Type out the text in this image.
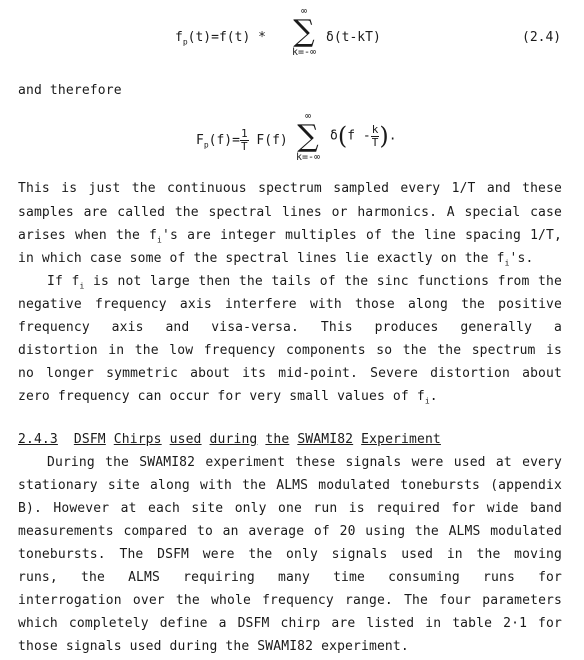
$f_p(t)=f(t)$ *
∞
∑
k=-∞
δ(t-kT)	(2.4)
and therefore
$F_p(f)= \frac{1}{T} F(f)$
∞
∑
k=-∞
$\delta(f - \frac{k}{T}$ ).
This is just the continuous spectrum sampled every 1/T and these
samples are called the spectral lines or harmonics. A special case
arises when the $f_i's$ are integer multiples of the line spacing 1/T,
in which case some of the spectral lines lie exactly on the $f_i's$.
If $f_i$ is not large then the tails of the sinc functions from the
negative frequency axis interfere with those along the positive
frequency axis and visa-versa. This produces generally a
distortion in the low frequency components so the the spectrum is
no longer symmetric about its mid-point. Severe distortion about
zero frequency can occur for very small values of $f_i$.
2.4.3 DSFM Chirps used during the SWAMI82 Experiment
During the SWAMI82 experiment these signals were used at every
stationary site along with the ALMS modulated tonebursts (appendix
B). However at each site only one run is required for wide band
measurements compared to an average of 20 using the ALMS modulated
tonebursts. The DSFM were the only signals used in the moving
runs, the ALMS requiring many time consuming runs for
interrogation over the whole frequency range. The four parameters
which completely define a DSFM chirp are listed in table 2·1 for
those signals used during the SWAMI82 experiment.
